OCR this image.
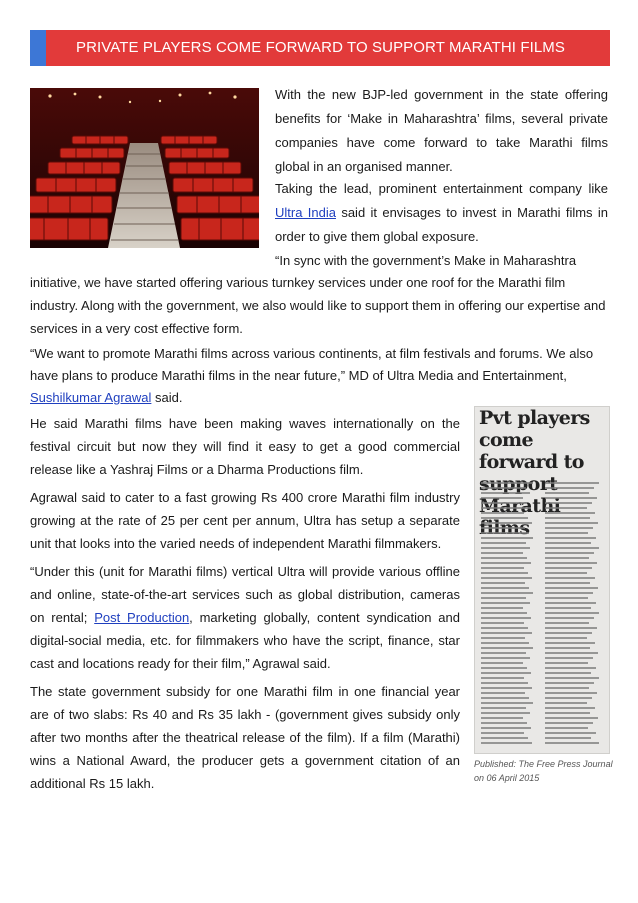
PRIVATE PLAYERS COME FORWARD TO SUPPORT MARATHI FILMS

With the new BJP-led government in the state offering benefits for ‘Make in Maharashtra’ films, several private companies have come forward to take Marathi films global in an organised manner.

Taking the lead, prominent entertainment company like Ultra India said it envisages to invest in Marathi films in order to give them global exposure.

“In sync with the government’s Make in Maharashtra

initiative, we have started offering various turnkey services under one roof for the Marathi film industry. Along with the government, we also would like to support them in offering our expertise and services in a very cost effective form.

“We want to promote Marathi films across various continents, at film festivals and forums. We also have plans to produce Marathi films in the near future,” MD of Ultra Media and Entertainment, Sushilkumar Agrawal said.

He said Marathi films have been making waves internationally on the festival circuit but now they will find it easy to get a good commercial release like a Yashraj Films or a Dharma Productions film.

Agrawal said to cater to a fast growing Rs 400 crore Marathi film industry growing at the rate of 25 per cent per annum, Ultra has setup a separate unit that looks into the varied needs of independent Marathi filmmakers.

“Under this (unit for Marathi films) vertical Ultra will provide various offline and online, state-of-the-art services such as global distribution, cameras on rental; Post Production, marketing globally, content syndication and digital-social media, etc. for filmmakers who have the script, finance, star cast and locations ready for their film,” Agrawal said.

The state government subsidy for one Marathi film in one financial year are of two slabs: Rs 40 and Rs 35 lakh - (government gives subsidy only after two months after the theatrical release of the film). If a film (Marathi) wins a National Award, the producer gets a government citation of an additional Rs 15 lakh.

Pvt players come forward to support Marathi films
Published: The Free Press Journal on 06 April 2015
